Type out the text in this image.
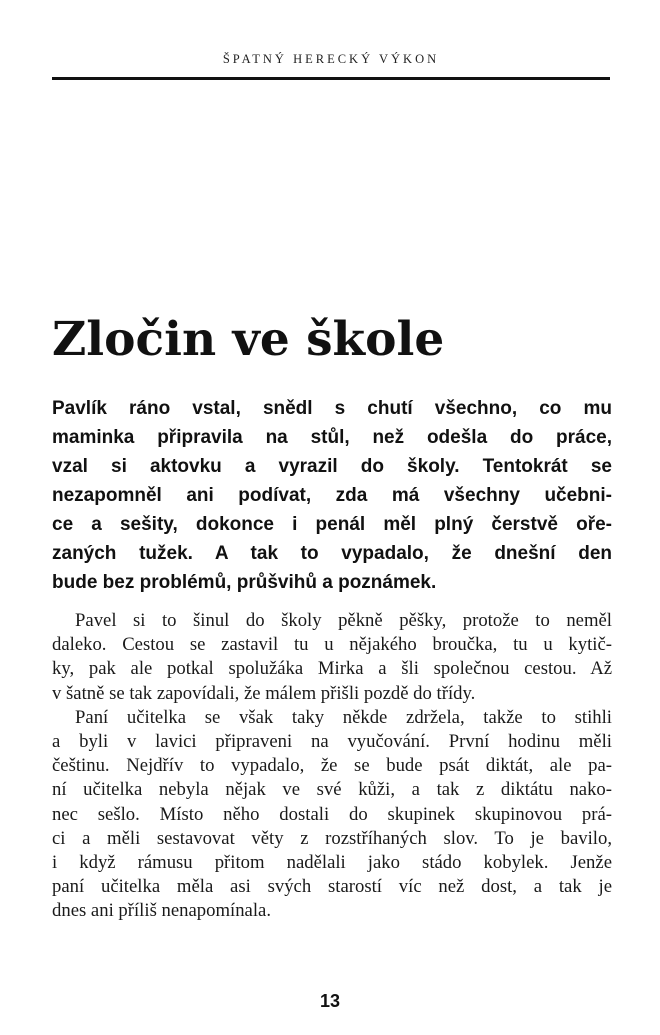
ŠPATNÝ HERECKÝ VÝKON
Zločin ve škole
Pavlík ráno vstal, snědl s chutí všechno, co mu
maminka připravila na stůl, než odešla do práce,
vzal si aktovku a vyrazil do školy. Tentokrát se
nezapomněl ani podívat, zda má všechny učebni-
ce a sešity, dokonce i penál měl plný čerstvě oře-
zaných tužek. A tak to vypadalo, že dnešní den
bude bez problémů, průšvihů a poznámek.
Pavel si to šinul do školy pěkně pěšky, protože to neměl
daleko. Cestou se zastavil tu u nějakého broučka, tu u kytič-
ky, pak ale potkal spolužáka Mirka a šli společnou cestou. Až
v šatně se tak zapovídali, že málem přišli pozdě do třídy.
Paní učitelka se však taky někde zdržela, takže to stihli
a byli v lavici připraveni na vyučování. První hodinu měli
češtinu. Nejdřív to vypadalo, že se bude psát diktát, ale pa-
ní učitelka nebyla nějak ve své kůži, a tak z diktátu nako-
nec sešlo. Místo něho dostali do skupinek skupinovou prá-
ci a měli sestavovat věty z rozstříhaných slov. To je bavilo,
i když rámusu přitom nadělali jako stádo kobylek. Jenže
paní učitelka měla asi svých starostí víc než dost, a tak je
dnes ani příliš nenapomínala.
13
